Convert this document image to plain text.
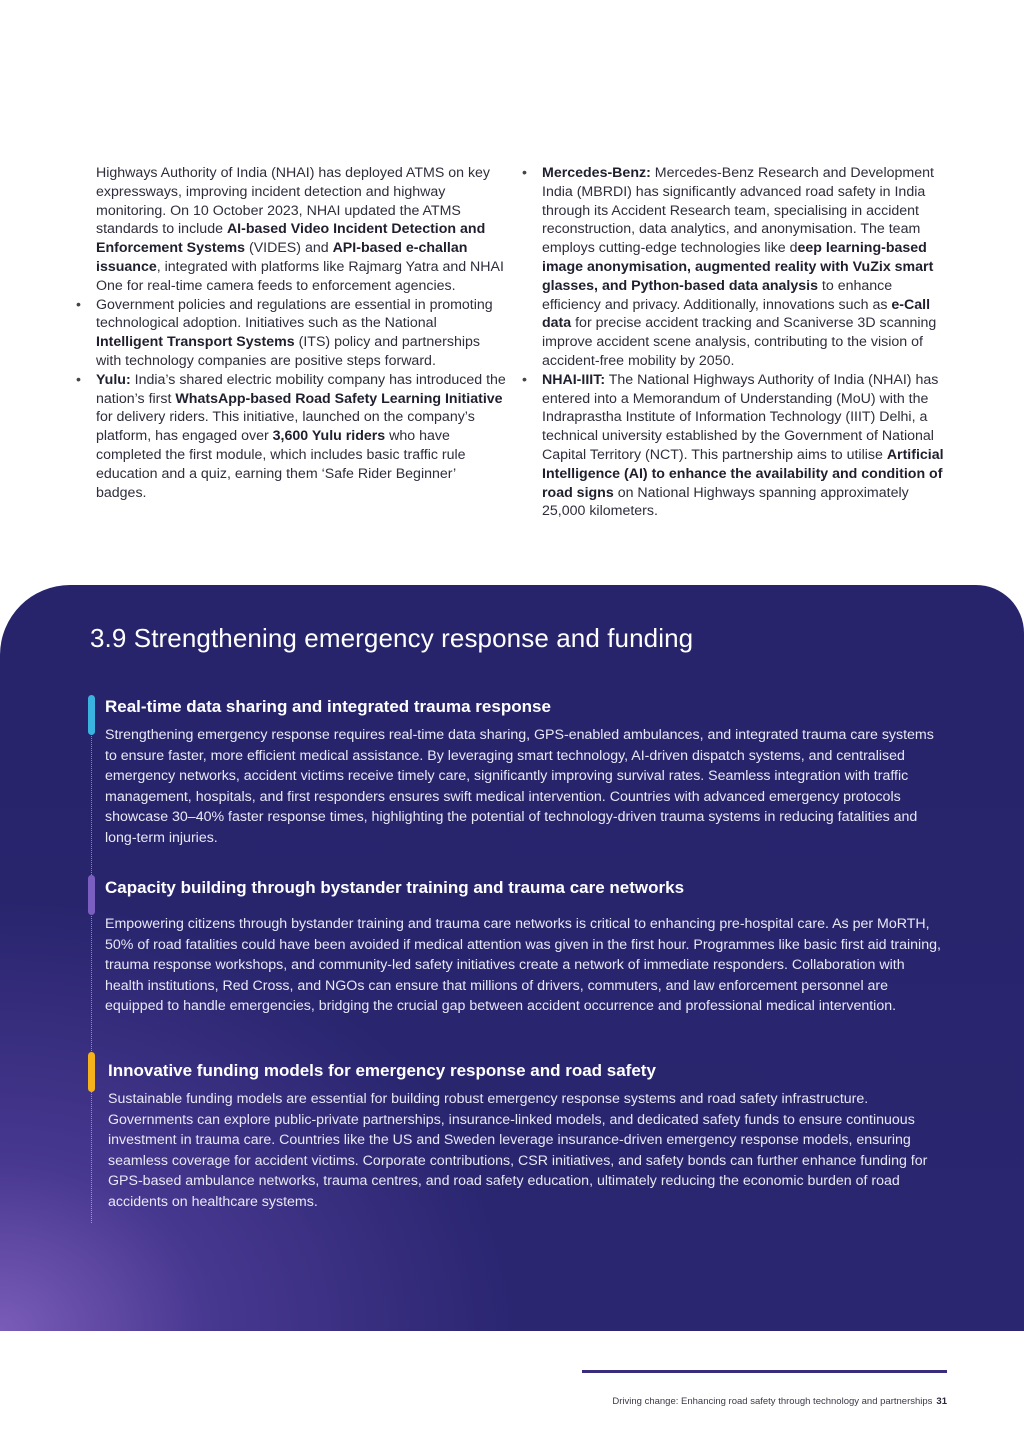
Highways Authority of India (NHAI) has deployed ATMS on key expressways, improving incident detection and highway monitoring. On 10 October 2023, NHAI updated the ATMS standards to include AI-based Video Incident Detection and Enforcement Systems (VIDES) and API-based e-challan issuance, integrated with platforms like Rajmarg Yatra and NHAI One for real-time camera feeds to enforcement agencies.

• Government policies and regulations are essential in promoting technological adoption. Initiatives such as the National Intelligent Transport Systems (ITS) policy and partnerships with technology companies are positive steps forward.

• Yulu: India’s shared electric mobility company has introduced the nation’s first WhatsApp-based Road Safety Learning Initiative for delivery riders. This initiative, launched on the company’s platform, has engaged over 3,600 Yulu riders who have completed the first module, which includes basic traffic rule education and a quiz, earning them ‘Safe Rider Beginner’ badges.

• Mercedes-Benz: Mercedes-Benz Research and Development India (MBRDI) has significantly advanced road safety in India through its Accident Research team, specialising in accident reconstruction, data analytics, and anonymisation. The team employs cutting-edge technologies like deep learning-based image anonymisation, augmented reality with VuZix smart glasses, and Python-based data analysis to enhance efficiency and privacy. Additionally, innovations such as e-Call data for precise accident tracking and Scaniverse 3D scanning improve accident scene analysis, contributing to the vision of accident-free mobility by 2050.

• NHAI-IIIT: The National Highways Authority of India (NHAI) has entered into a Memorandum of Understanding (MoU) with the Indraprastha Institute of Information Technology (IIIT) Delhi, a technical university established by the Government of National Capital Territory (NCT). This partnership aims to utilise Artificial Intelligence (AI) to enhance the availability and condition of road signs on National Highways spanning approximately 25,000 kilometers.

3.9 Strengthening emergency response and funding
Real-time data sharing and integrated trauma response

Strengthening emergency response requires real-time data sharing, GPS-enabled ambulances, and integrated trauma care systems to ensure faster, more efficient medical assistance. By leveraging smart technology, AI-driven dispatch systems, and centralised emergency networks, accident victims receive timely care, significantly improving survival rates. Seamless integration with traffic management, hospitals, and first responders ensures swift medical intervention. Countries with advanced emergency protocols showcase 30–40% faster response times, highlighting the potential of technology-driven trauma systems in reducing fatalities and long-term injuries.

Capacity building through bystander training and trauma care networks

Empowering citizens through bystander training and trauma care networks is critical to enhancing pre-hospital care. As per MoRTH, 50% of road fatalities could have been avoided if medical attention was given in the first hour. Programmes like basic first aid training, trauma response workshops, and community-led safety initiatives create a network of immediate responders. Collaboration with health institutions, Red Cross, and NGOs can ensure that millions of drivers, commuters, and law enforcement personnel are equipped to handle emergencies, bridging the crucial gap between accident occurrence and professional medical intervention.

Innovative funding models for emergency response and road safety

Sustainable funding models are essential for building robust emergency response systems and road safety infrastructure. Governments can explore public-private partnerships, insurance-linked models, and dedicated safety funds to ensure continuous investment in trauma care. Countries like the US and Sweden leverage insurance-driven emergency response models, ensuring seamless coverage for accident victims. Corporate contributions, CSR initiatives, and safety bonds can further enhance funding for GPS-based ambulance networks, trauma centres, and road safety education, ultimately reducing the economic burden of road accidents on healthcare systems.

Driving change: Enhancing road safety through technology and partnerships 31
